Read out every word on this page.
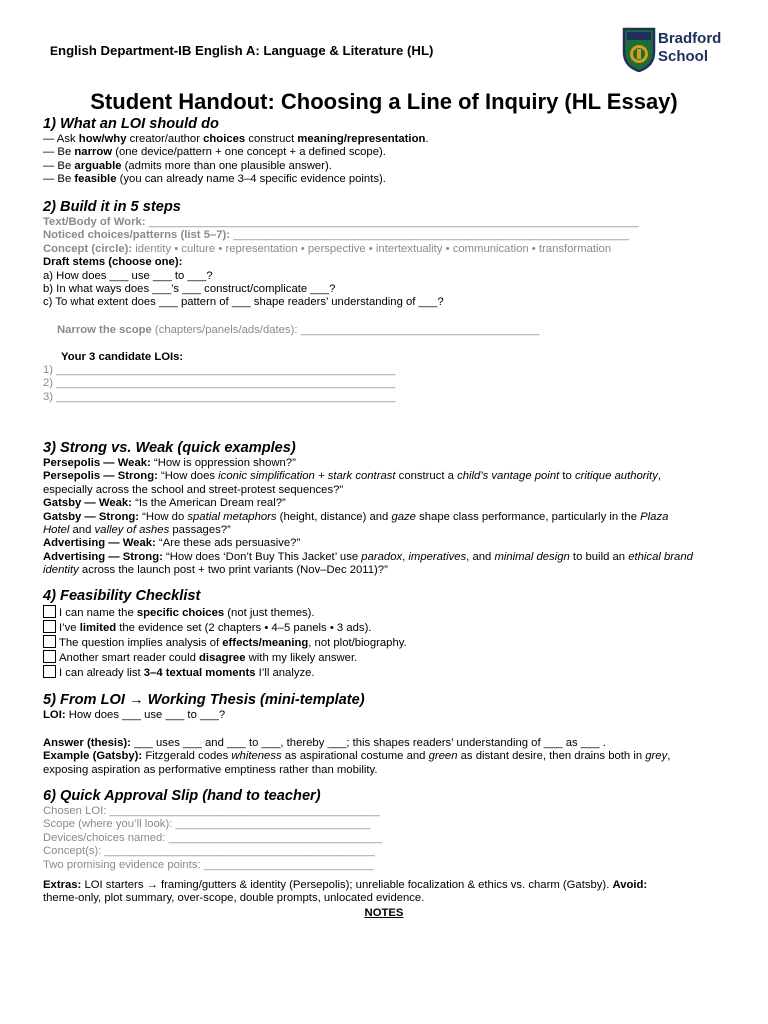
English Department-IB English A: Language & Literature (HL)
Bradford
School
Student Handout: Choosing a Line of Inquiry (HL Essay)
1) What an LOI should do
— Ask how/why creator/author choices construct meaning/representation.
— Be narrow (one device/pattern + one concept + a defined scope).
— Be arguable (admits more than one plausible answer).
— Be feasible (you can already name 3–4 specific evidence points).
2) Build it in 5 steps
Text/Body of Work: ______________________________________________________________________________
Noticed choices/patterns (list 5–7): _______________________________________________________________
Concept (circle): identity • culture • representation • perspective • intertextuality • communication • transformation
Draft stems (choose one):
a) How does ___ use ___ to ___?
b) In what ways does ___’s ___ construct/complicate ___?
c) To what extent does ___ pattern of ___ shape readers’ understanding of ___?
Narrow the scope (chapters/panels/ads/dates): ______________________________________
Your 3 candidate LOIs:
1) ______________________________________________________
2) ______________________________________________________
3) ______________________________________________________
3) Strong vs. Weak (quick examples)
Persepolis — Weak: “How is oppression shown?”
Persepolis — Strong: “How does iconic simplification + stark contrast construct a child’s vantage point to critique authority,
especially across the school and street-protest sequences?”
Gatsby — Weak: “Is the American Dream real?”
Gatsby — Strong: “How do spatial metaphors (height, distance) and gaze shape class performance, particularly in the Plaza
Hotel and valley of ashes passages?”
Advertising — Weak: “Are these ads persuasive?”
Advertising — Strong: “How does ‘Don’t Buy This Jacket’ use paradox, imperatives, and minimal design to build an ethical brand
identity across the launch post + two print variants (Nov–Dec 2011)?”
4) Feasibility Checklist
I can name the specific choices (not just themes).
I’ve limited the evidence set (2 chapters • 4–5 panels • 3 ads).
The question implies analysis of effects/meaning, not plot/biography.
Another smart reader could disagree with my likely answer.
I can already list 3–4 textual moments I’ll analyze.
5) From LOI → Working Thesis (mini-template)
LOI: How does ___ use ___ to ___?
Answer (thesis): ___ uses ___ and ___ to ___, thereby ___; this shapes readers’ understanding of ___ as ___ .
Example (Gatsby): Fitzgerald codes whiteness as aspirational costume and green as distant desire, then drains both in grey,
exposing aspiration as performative emptiness rather than mobility.
6) Quick Approval Slip (hand to teacher)
Chosen LOI: ___________________________________________
Scope (where you’ll look): _______________________________
Devices/choices named: __________________________________
Concept(s): ___________________________________________
Two promising evidence points: ___________________________
Extras: LOI starters → framing/gutters & identity (Persepolis); unreliable focalization & ethics vs. charm (Gatsby). Avoid:
theme-only, plot summary, over-scope, double prompts, unlocated evidence.
NOTES
